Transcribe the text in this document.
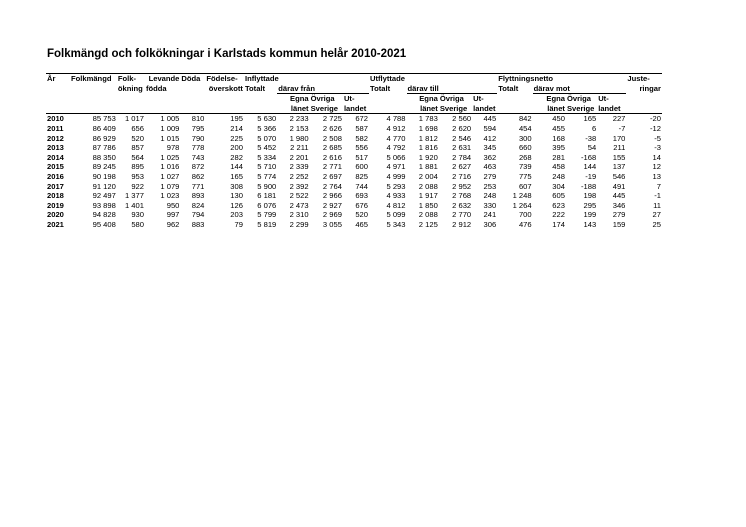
Folkmängd och folkökningar i Karlstads kommun helår 2010-2021
År	Folkmängd	Folk-	Levande	Döda	Födelse-	Inflyttade				Utflyttade				Flyttningsnetto				Juste-
		ökning	födda		överskott	Totalt	därav från			Totalt	därav till			Totalt	därav mot			ringar
							Egna	Övriga	Ut-		Egna	Övriga	Ut-		Egna	Övriga	Ut-	
							länet	Sverige	landet		länet	Sverige	landet		länet	Sverige	landet	
2010	85 753	1 017	1 005	810	195	5 630	2 233	2 725	672	4 788	1 783	2 560	445	842	450	165	227	-20
2011	86 409	656	1 009	795	214	5 366	2 153	2 626	587	4 912	1 698	2 620	594	454	455	6	-7	-12
2012	86 929	520	1 015	790	225	5 070	1 980	2 508	582	4 770	1 812	2 546	412	300	168	-38	170	-5
2013	87 786	857	978	778	200	5 452	2 211	2 685	556	4 792	1 816	2 631	345	660	395	54	211	-3
2014	88 350	564	1 025	743	282	5 334	2 201	2 616	517	5 066	1 920	2 784	362	268	281	-168	155	14
2015	89 245	895	1 016	872	144	5 710	2 339	2 771	600	4 971	1 881	2 627	463	739	458	144	137	12
2016	90 198	953	1 027	862	165	5 774	2 252	2 697	825	4 999	2 004	2 716	279	775	248	-19	546	13
2017	91 120	922	1 079	771	308	5 900	2 392	2 764	744	5 293	2 088	2 952	253	607	304	-188	491	7
2018	92 497	1 377	1 023	893	130	6 181	2 522	2 966	693	4 933	1 917	2 768	248	1 248	605	198	445	-1
2019	93 898	1 401	950	824	126	6 076	2 473	2 927	676	4 812	1 850	2 632	330	1 264	623	295	346	11
2020	94 828	930	997	794	203	5 799	2 310	2 969	520	5 099	2 088	2 770	241	700	222	199	279	27
2021	95 408	580	962	883	79	5 819	2 299	3 055	465	5 343	2 125	2 912	306	476	174	143	159	25
